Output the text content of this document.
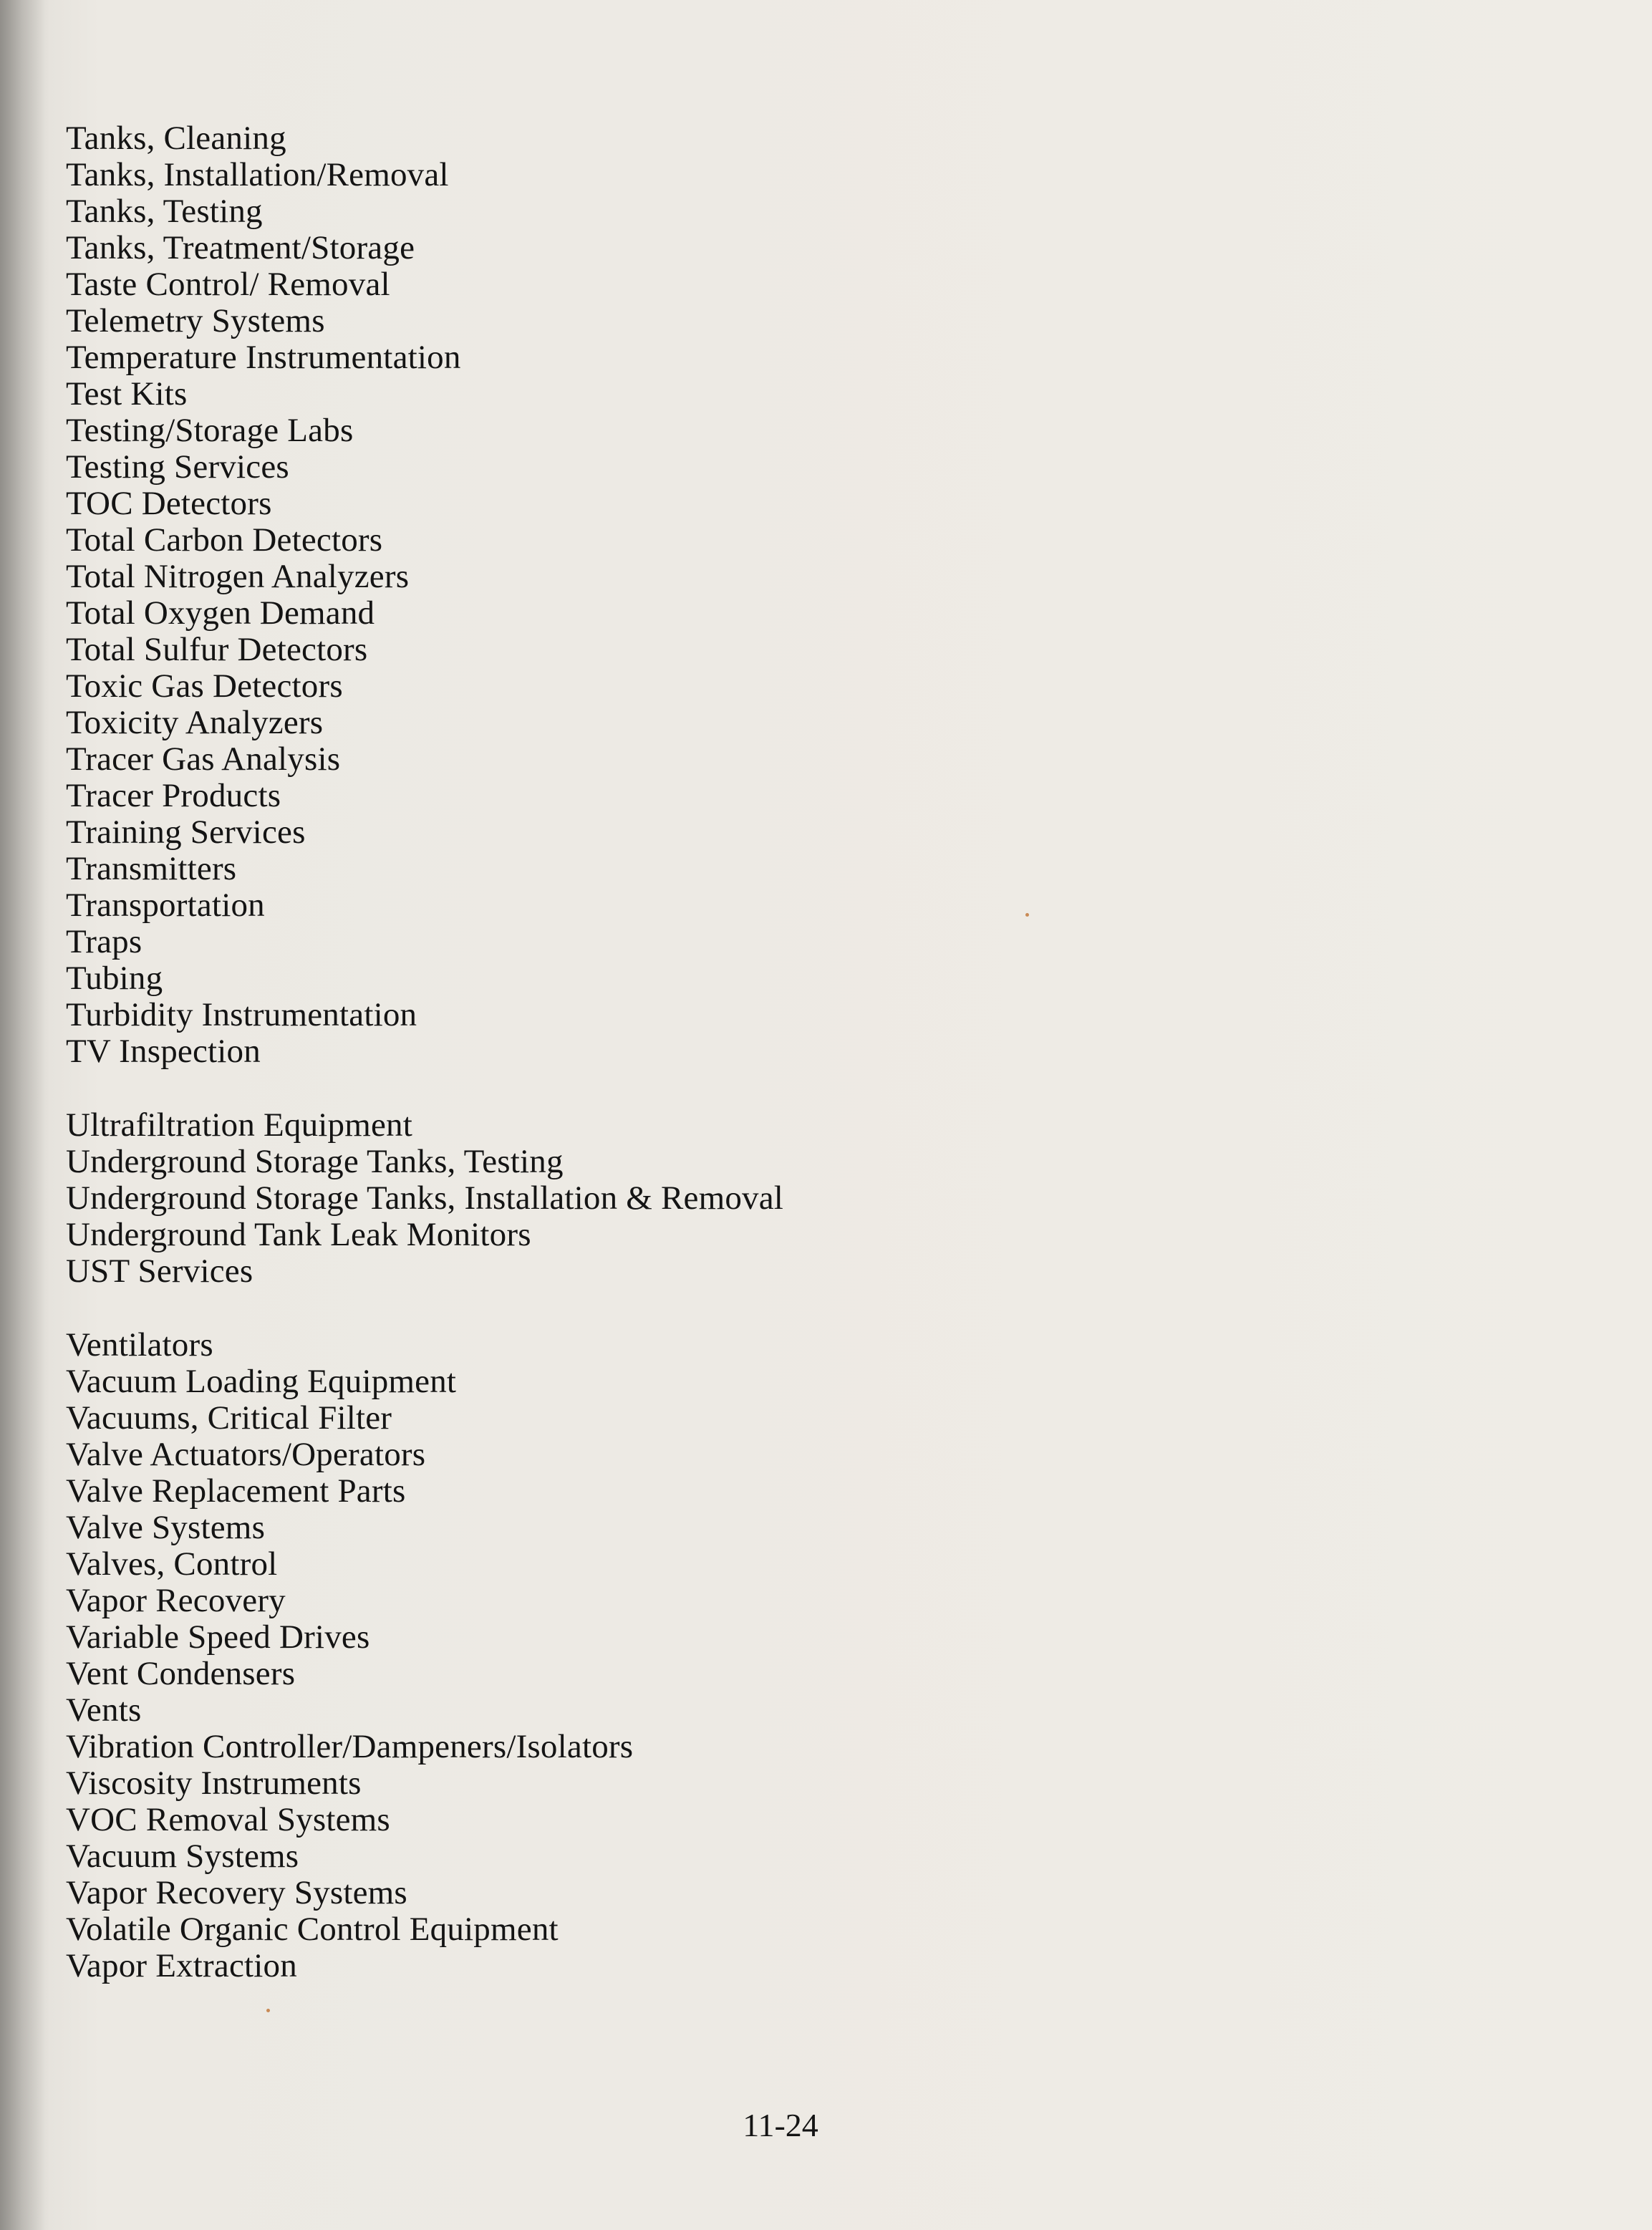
Tanks, Cleaning
Tanks, Installation/Removal
Tanks, Testing
Tanks, Treatment/Storage
Taste Control/ Removal
Telemetry Systems
Temperature Instrumentation
Test Kits
Testing/Storage Labs
Testing Services
TOC Detectors
Total Carbon Detectors
Total Nitrogen Analyzers
Total Oxygen Demand
Total Sulfur Detectors
Toxic Gas Detectors
Toxicity Analyzers
Tracer Gas Analysis
Tracer Products
Training Services
Transmitters
Transportation
Traps
Tubing
Turbidity Instrumentation
TV Inspection
Ultrafiltration Equipment
Underground Storage Tanks, Testing
Underground Storage Tanks, Installation & Removal
Underground Tank Leak Monitors
UST Services
Ventilators
Vacuum Loading Equipment
Vacuums, Critical Filter
Valve Actuators/Operators
Valve Replacement Parts
Valve Systems
Valves, Control
Vapor Recovery
Variable Speed Drives
Vent Condensers
Vents
Vibration Controller/Dampeners/Isolators
Viscosity Instruments
VOC Removal Systems
Vacuum Systems
Vapor Recovery Systems
Volatile Organic Control Equipment
Vapor Extraction
11-24
